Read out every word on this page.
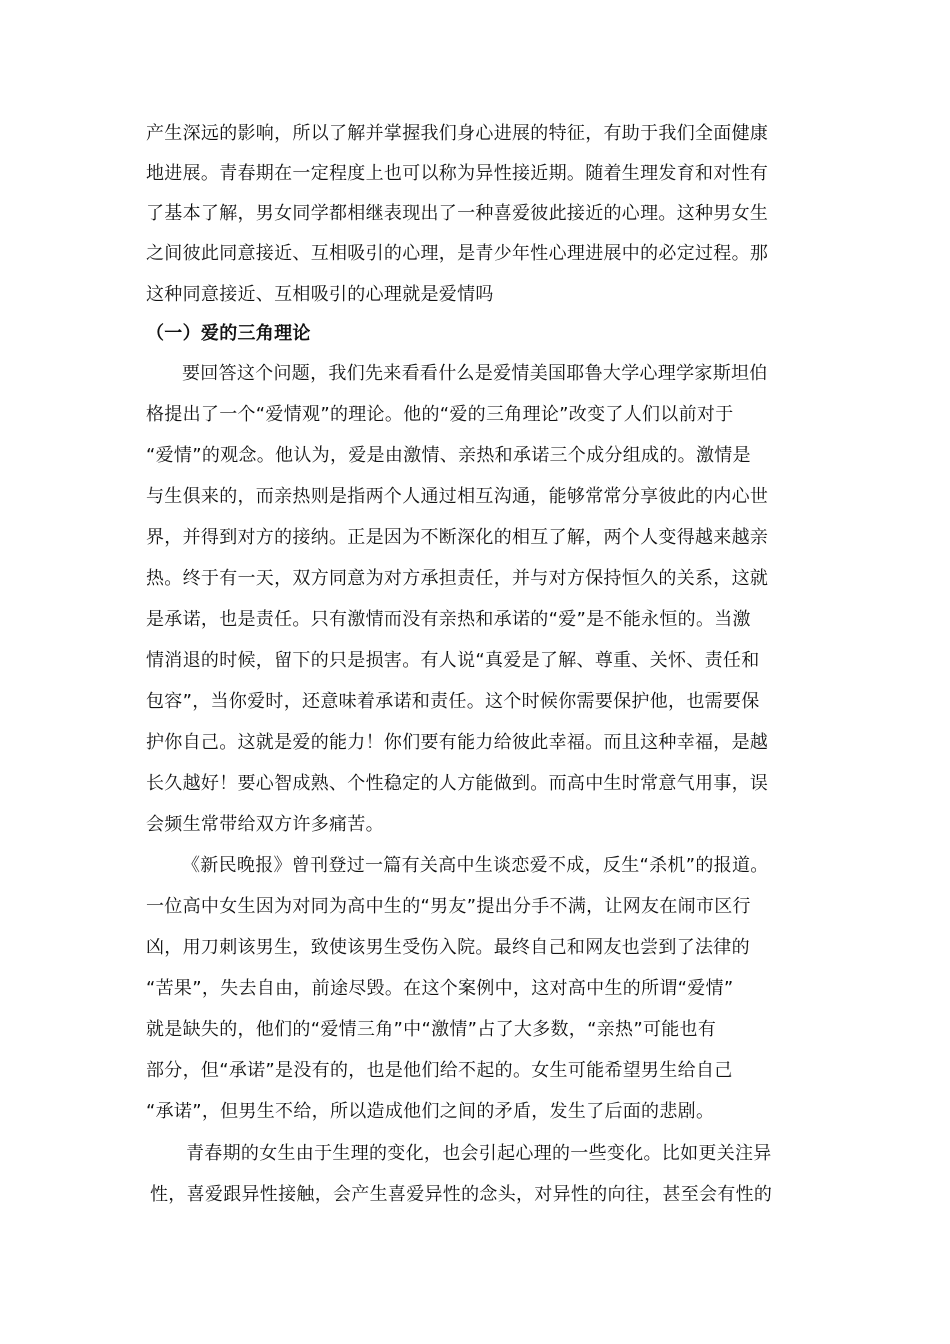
产生深远的影响，所以了解并掌握我们身心进展的特征，有助于我们全面健康
地进展。青春期在一定程度上也可以称为异性接近期。随着生理发育和对性有
了基本了解，男女同学都相继表现出了一种喜爱彼此接近的心理。这种男女生
之间彼此同意接近、互相吸引的心理，是青少年性心理进展中的必定过程。那
这种同意接近、互相吸引的心理就是爱情吗
（一）爱的三角理论
要回答这个问题，我们先来看看什么是爱情美国耶鲁大学心理学家斯坦伯
格提出了一个“爱情观”的理论。他的“爱的三角理论”改变了人们以前对于
“爱情”的观念。他认为，爱是由激情、亲热和承诺三个成分组成的。激情是
与生俱来的，而亲热则是指两个人通过相互沟通，能够常常分享彼此的内心世
界，并得到对方的接纳。正是因为不断深化的相互了解，两个人变得越来越亲
热。终于有一天，双方同意为对方承担责任，并与对方保持恒久的关系，这就
是承诺，也是责任。只有激情而没有亲热和承诺的“爱”是不能永恒的。当激
情消退的时候，留下的只是损害。有人说“真爱是了解、尊重、关怀、责任和
包容”，当你爱时，还意味着承诺和责任。这个时候你需要保护他，也需要保
护你自己。这就是爱的能力！你们要有能力给彼此幸福。而且这种幸福，是越
长久越好！要心智成熟、个性稳定的人方能做到。而高中生时常意气用事，误
会频生常带给双方许多痛苦。
《新民晚报》曾刊登过一篇有关高中生谈恋爱不成，反生“杀机”的报道。
一位高中女生因为对同为高中生的“男友”提出分手不满，让网友在闹市区行
凶，用刀刺该男生，致使该男生受伤入院。最终自己和网友也尝到了法律的
“苦果”，失去自由，前途尽毁。在这个案例中，这对高中生的所谓“爱情”
就是缺失的，他们的“爱情三角”中“激情”占了大多数，“亲热”可能也有
部分，但“承诺”是没有的，也是他们给不起的。女生可能希望男生给自己
“承诺”，但男生不给，所以造成他们之间的矛盾，发生了后面的悲剧。
青春期的女生由于生理的变化，也会引起心理的一些变化。比如更关注异
性，喜爱跟异性接触，会产生喜爱异性的念头，对异性的向往，甚至会有性的
